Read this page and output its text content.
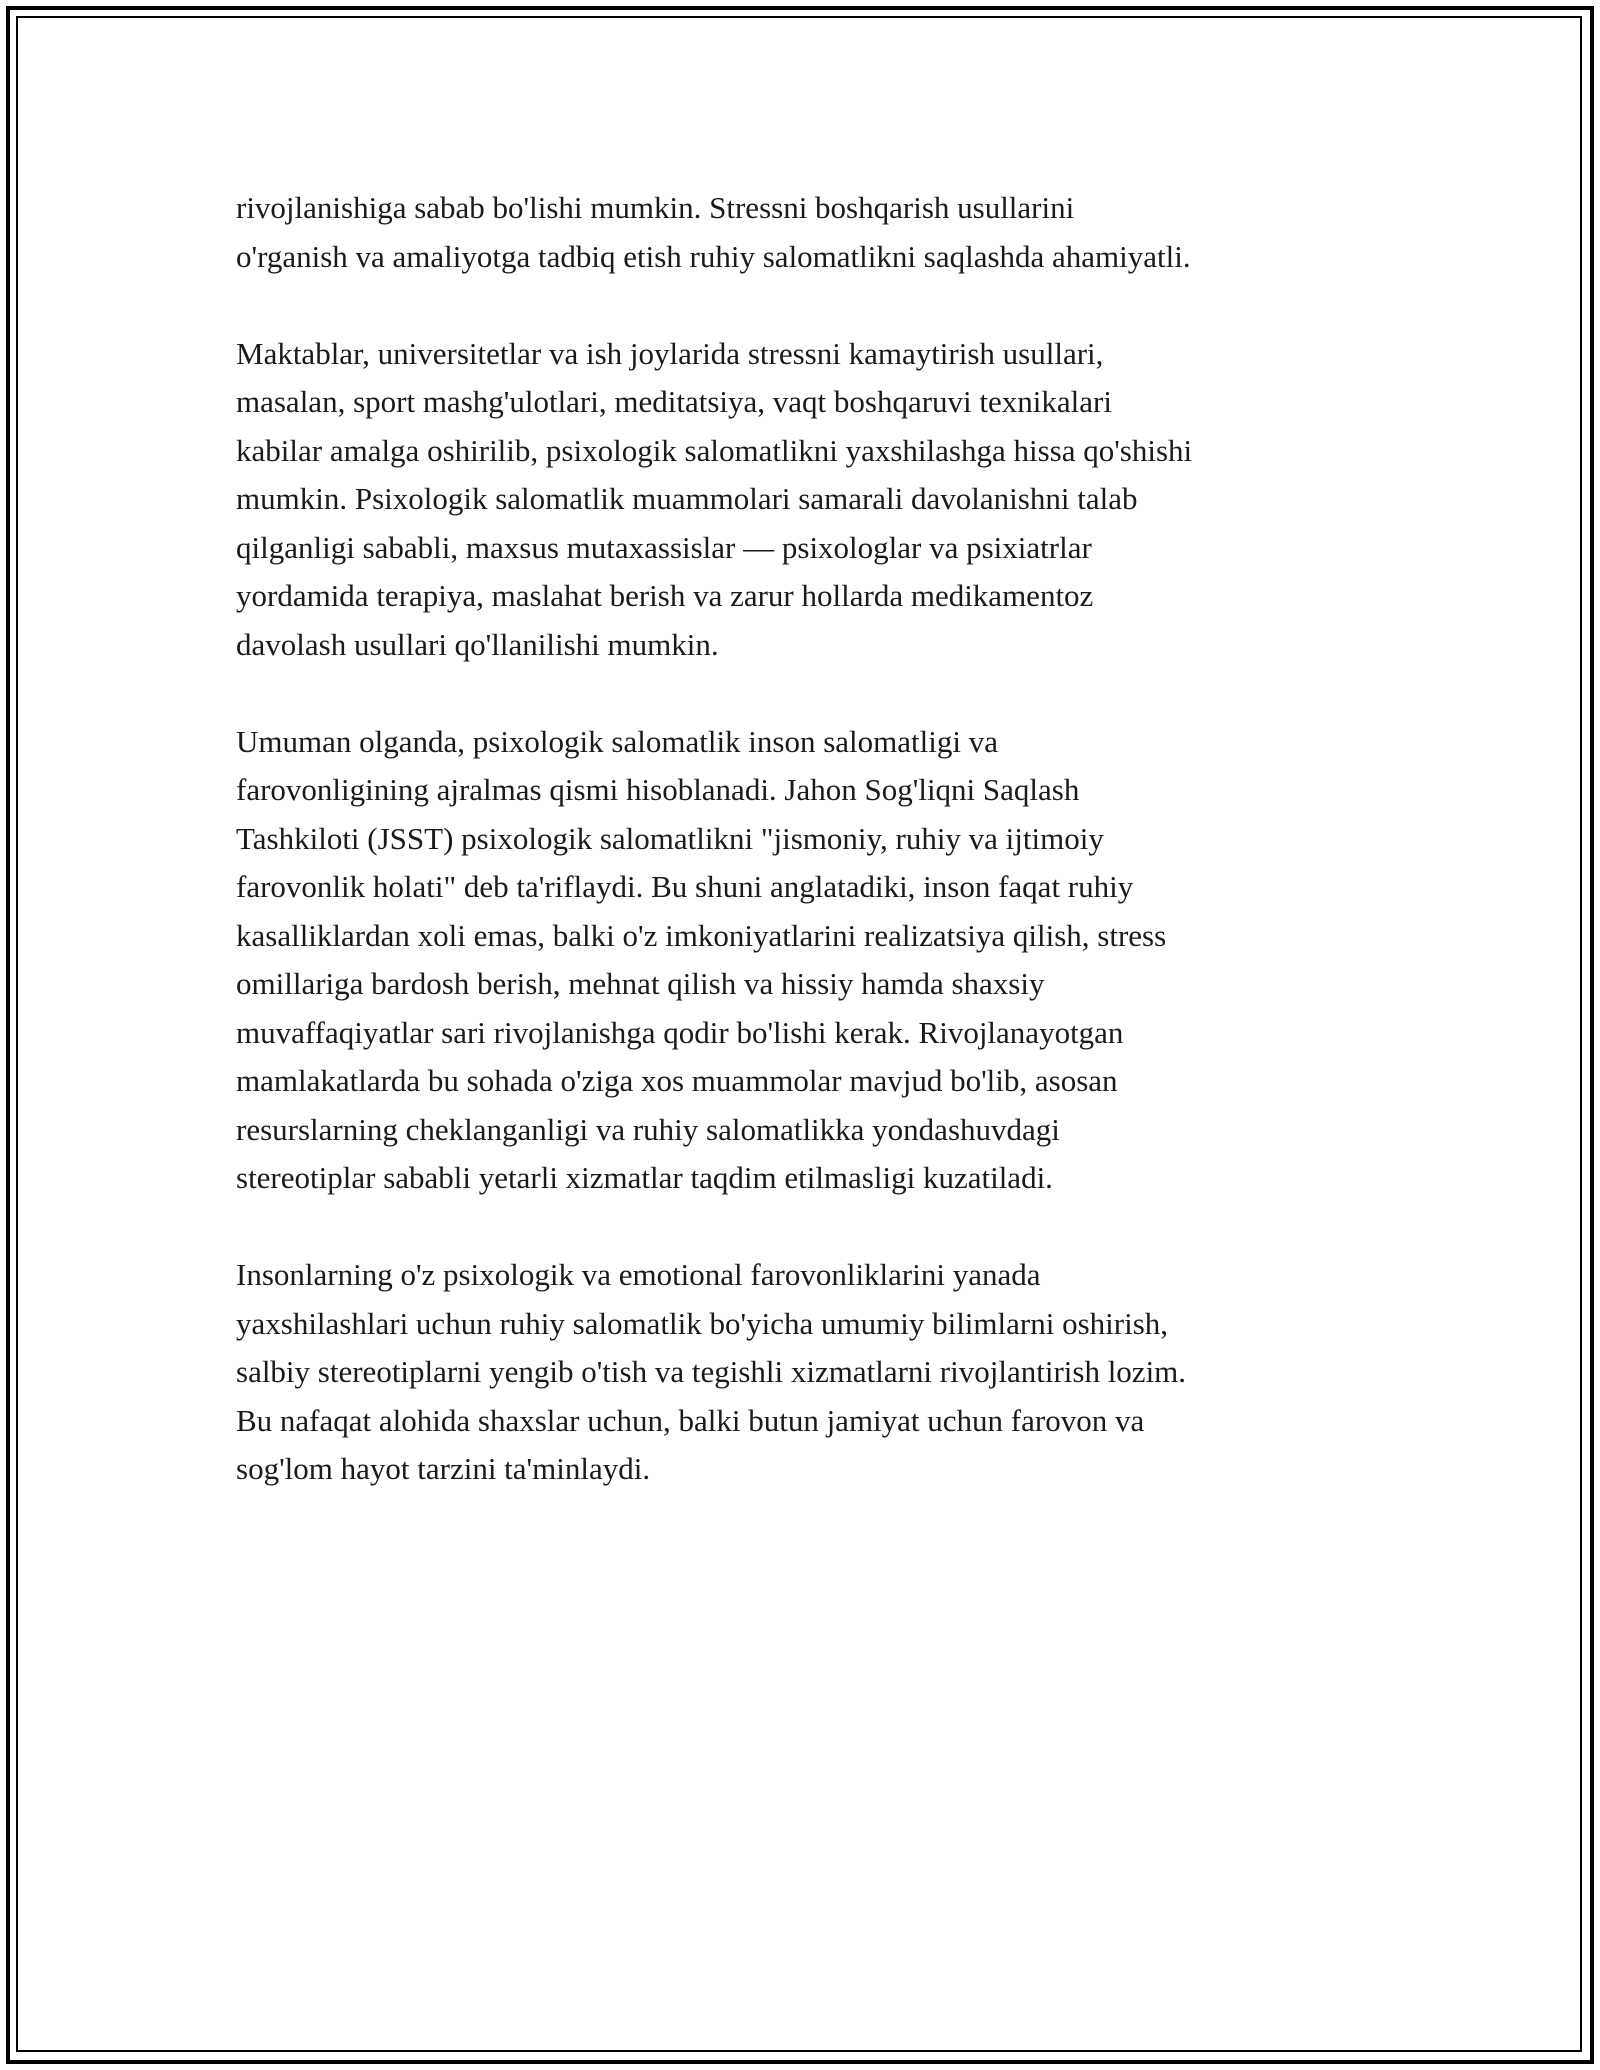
rivojlanishiga sabab bo'lishi mumkin. Stressni boshqarish usullarini
o'rganish va amaliyotga tadbiq etish ruhiy salomatlikni saqlashda ahamiyatli.

Maktablar, universitetlar va ish joylarida stressni kamaytirish usullari,
masalan, sport mashg'ulotlari, meditatsiya, vaqt boshqaruvi texnikalari
kabilar amalga oshirilib, psixologik salomatlikni yaxshilashga hissa qo'shishi
mumkin. Psixologik salomatlik muammolari samarali davolanishni talab
qilganligi sababli, maxsus mutaxassislar — psixologlar va psixiatrlar
yordamida terapiya, maslahat berish va zarur hollarda medikamentoz
davolash usullari qo'llanilishi mumkin.

Umuman olganda, psixologik salomatlik inson salomatligi va
farovonligining ajralmas qismi hisoblanadi. Jahon Sog'liqni Saqlash
Tashkiloti (JSST) psixologik salomatlikni "jismoniy, ruhiy va ijtimoiy
farovonlik holati" deb ta'riflaydi. Bu shuni anglatadiki, inson faqat ruhiy
kasalliklardan xoli emas, balki o'z imkoniyatlarini realizatsiya qilish, stress
omillariga bardosh berish, mehnat qilish va hissiy hamda shaxsiy
muvaffaqiyatlar sari rivojlanishga qodir bo'lishi kerak. Rivojlanayotgan
mamlakatlarda bu sohada o'ziga xos muammolar mavjud bo'lib, asosan
resurslarning cheklanganligi va ruhiy salomatlikka yondashuvdagi
stereotiplar sababli yetarli xizmatlar taqdim etilmasligi kuzatiladi.

Insonlarning o'z psixologik va emotional farovonliklarini yanada
yaxshilashlari uchun ruhiy salomatlik bo'yicha umumiy bilimlarni oshirish,
salbiy stereotiplarni yengib o'tish va tegishli xizmatlarni rivojlantirish lozim.
Bu nafaqat alohida shaxslar uchun, balki butun jamiyat uchun farovon va
sog'lom hayot tarzini ta'minlaydi.
